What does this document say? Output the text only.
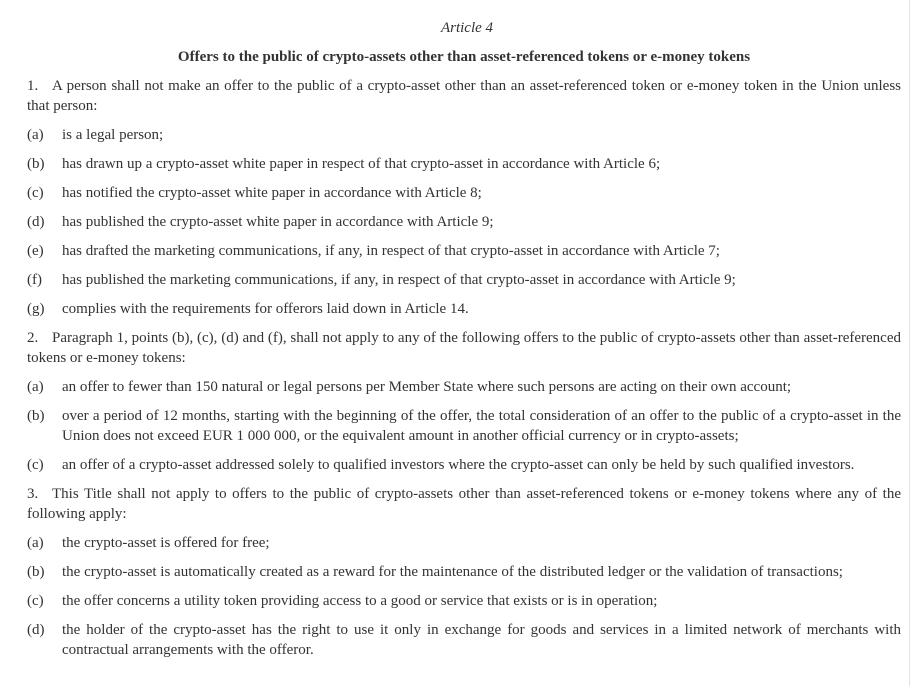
Article 4
Offers to the public of crypto-assets other than asset-referenced tokens or e-money tokens
1. A person shall not make an offer to the public of a crypto-asset other than an asset-referenced token or e-money token in the Union unless that person:
(a)	is a legal person;
(b)	has drawn up a crypto-asset white paper in respect of that crypto-asset in accordance with Article 6;
(c)	has notified the crypto-asset white paper in accordance with Article 8;
(d)	has published the crypto-asset white paper in accordance with Article 9;
(e)	has drafted the marketing communications, if any, in respect of that crypto-asset in accordance with Article 7;
(f)	has published the marketing communications, if any, in respect of that crypto-asset in accordance with Article 9;
(g)	complies with the requirements for offerors laid down in Article 14.
2. Paragraph 1, points (b), (c), (d) and (f), shall not apply to any of the following offers to the public of crypto-assets other than asset-referenced tokens or e-money tokens:
(a)	an offer to fewer than 150 natural or legal persons per Member State where such persons are acting on their own account;
(b)	over a period of 12 months, starting with the beginning of the offer, the total consideration of an offer to the public of a crypto-asset in the Union does not exceed EUR 1 000 000, or the equivalent amount in another official currency or in crypto-assets;
(c)	an offer of a crypto-asset addressed solely to qualified investors where the crypto-asset can only be held by such qualified investors.
3. This Title shall not apply to offers to the public of crypto-assets other than asset-referenced tokens or e-money tokens where any of the following apply:
(a)	the crypto-asset is offered for free;
(b)	the crypto-asset is automatically created as a reward for the maintenance of the distributed ledger or the validation of transactions;
(c)	the offer concerns a utility token providing access to a good or service that exists or is in operation;
(d)	the holder of the crypto-asset has the right to use it only in exchange for goods and services in a limited network of merchants with contractual arrangements with the offeror.
